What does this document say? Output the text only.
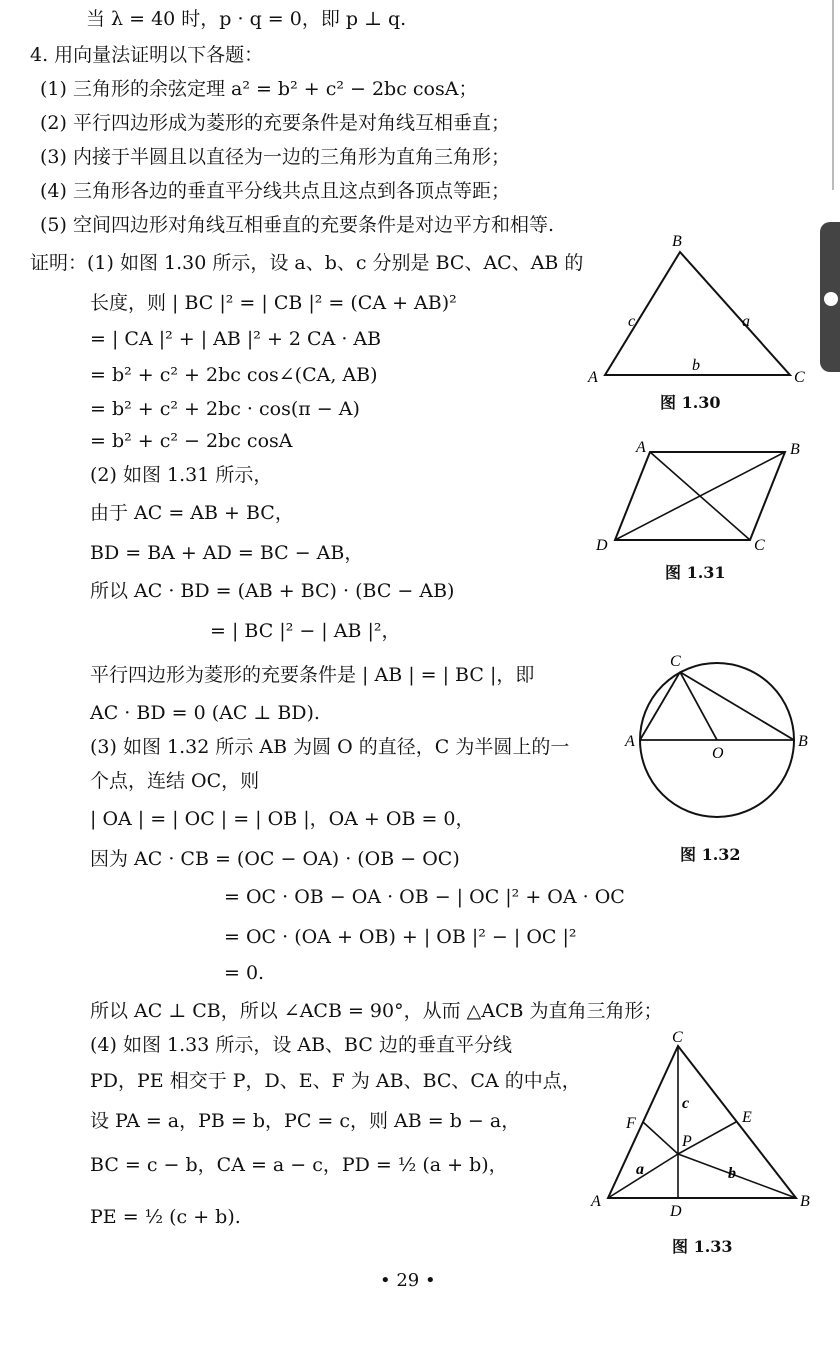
当 λ = 40 时，p · q = 0，即 p ⊥ q.
4. 用向量法证明以下各题：
(1) 三角形的余弦定理 a² = b² + c² − 2bc cosA；
(2) 平行四边形成为菱形的充要条件是对角线互相垂直；
(3) 内接于半圆且以直径为一边的三角形为直角三角形；
(4) 三角形各边的垂直平分线共点且这点到各顶点等距；
(5) 空间四边形对角线互相垂直的充要条件是对边平方和相等.
证明：(1) 如图 1.30 所示，设 a、b、c 分别是 BC、AC、AB 的
长度，则 | BC |² = | CB |² = (CA + AB)²
= | CA |² + | AB |² + 2 CA · AB
= b² + c² + 2bc cos∠(CA, AB)
= b² + c² + 2bc · cos(π − A)
= b² + c² − 2bc cosA
(2) 如图 1.31 所示，
由于 AC = AB + BC，
BD = BA + AD = BC − AB，
所以 AC · BD = (AB + BC) · (BC − AB)
= | BC |² − | AB |²，
平行四边形为菱形的充要条件是 | AB | = | BC |，即
AC · BD = 0 (AC ⊥ BD).
(3) 如图 1.32 所示 AB 为圆 O 的直径，C 为半圆上的一
个点，连结 OC，则
| OA | = | OC | = | OB |，OA + OB = 0，
因为 AC · CB = (OC − OA) · (OB − OC)
= OC · OB − OA · OB − | OC |² + OA · OC
= OC · (OA + OB) + | OB |² − | OC |²
= 0.
所以 AC ⊥ CB，所以 ∠ACB = 90°，从而 △ACB 为直角三角形；
(4) 如图 1.33 所示，设 AB、BC 边的垂直平分线
PD，PE 相交于 P，D、E、F 为 AB、BC、CA 的中点，
设 PA = a，PB = b，PC = c，则 AB = b − a，
BC = c − b，CA = a − c，PD = ½ (a + b)，
PE = ½ (c + b).
A
B
C
c	a
b
图 1.30
A	B
C
D
图 1.31
A	B
C
O
图 1.32
A	B
C
D
E
F
P
a	b
c
图 1.33
• 29 •
